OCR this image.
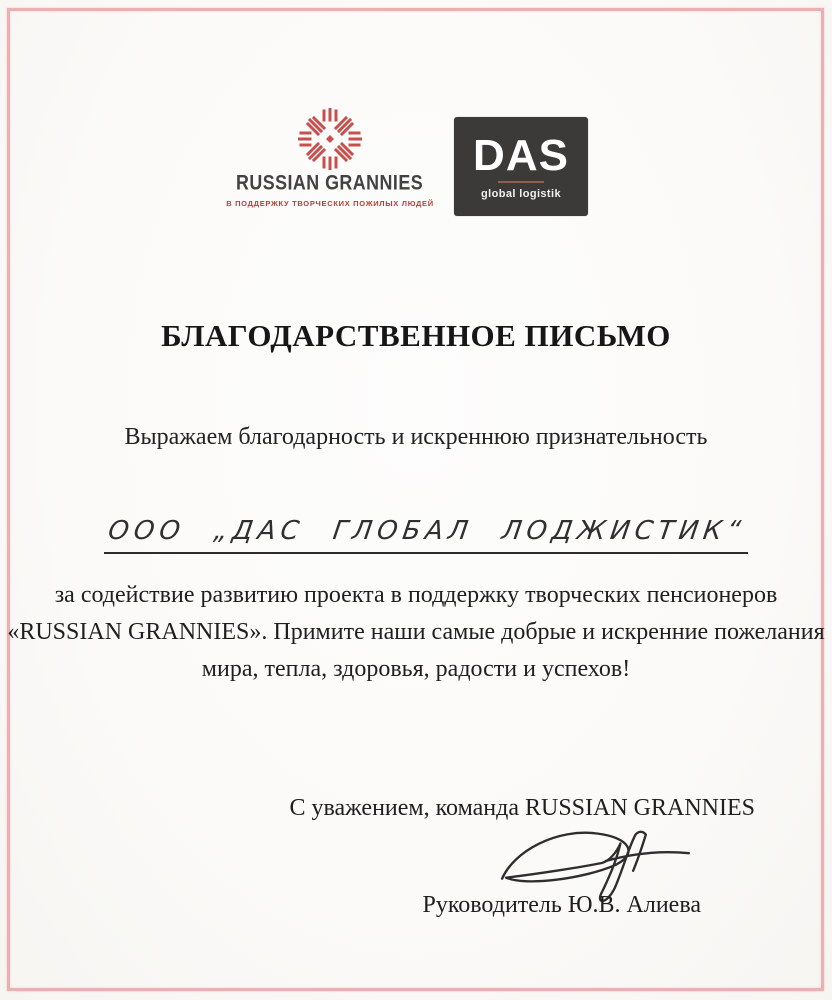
RUSSIAN GRANNIES
В ПОДДЕРЖКУ ТВОРЧЕСКИХ ПОЖИЛЫХ ЛЮДЕЙ
DAS
global logistik
БЛАГОДАРСТВЕННОЕ ПИСЬМО
Выражаем благодарность и искреннюю признательность
ООО „ДАС ГЛОБАЛ ЛОДЖИСТИК“
за содействие развитию проекта в поддержку творческих пенсионеров
«RUSSIAN GRANNIES». Примите наши самые добрые и искренние пожелания
мира, тепла, здоровья, радости и успехов!
С уважением, команда RUSSIAN GRANNIES
Руководитель Ю.В. Алиева
